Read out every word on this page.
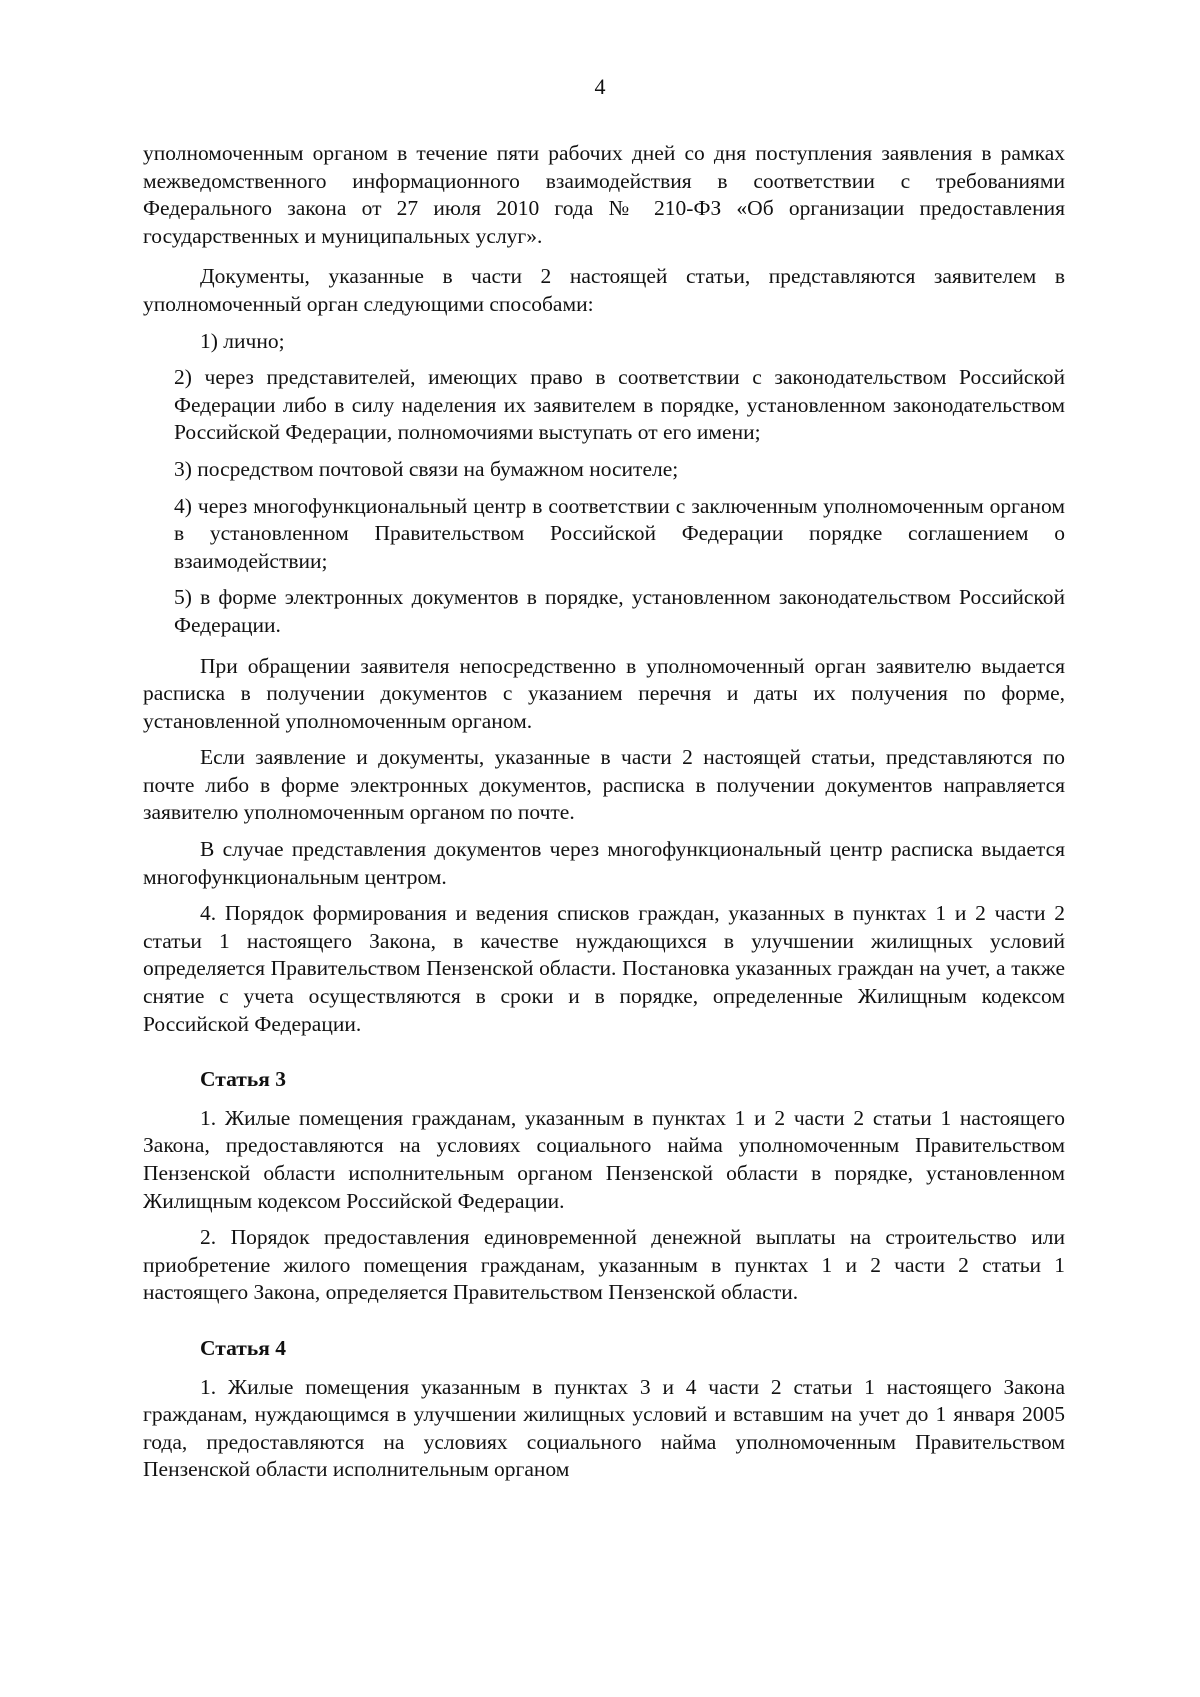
4

уполномоченным органом в течение пяти рабочих дней со дня поступления заявления в рамках межведомственного информационного взаимодействия в соответствии с требованиями Федерального закона от 27 июля 2010 года № 210-ФЗ «Об организации предоставления государственных и муниципальных услуг».

Документы, указанные в части 2 настоящей статьи, представляются заявителем в уполномоченный орган следующими способами:

1) лично;

2) через представителей, имеющих право в соответствии с законодательством Российской Федерации либо в силу наделения их заявителем в порядке, установленном законодательством Российской Федерации, полномочиями выступать от его имени;

3) посредством почтовой связи на бумажном носителе;

4) через многофункциональный центр в соответствии с заключенным уполномоченным органом в установленном Правительством Российской Федерации порядке соглашением о взаимодействии;

5) в форме электронных документов в порядке, установленном законодательством Российской Федерации.

При обращении заявителя непосредственно в уполномоченный орган заявителю выдается расписка в получении документов с указанием перечня и даты их получения по форме, установленной уполномоченным органом.

Если заявление и документы, указанные в части 2 настоящей статьи, представляются по почте либо в форме электронных документов, расписка в получении документов направляется заявителю уполномоченным органом по почте.

В случае представления документов через многофункциональный центр расписка выдается многофункциональным центром.

4. Порядок формирования и ведения списков граждан, указанных в пунктах 1 и 2 части 2 статьи 1 настоящего Закона, в качестве нуждающихся в улучшении жилищных условий определяется Правительством Пензенской области. Постановка указанных граждан на учет, а также снятие с учета осуществляются в сроки и в порядке, определенные Жилищным кодексом Российской Федерации.

Статья 3

1. Жилые помещения гражданам, указанным в пунктах 1 и 2 части 2 статьи 1 настоящего Закона, предоставляются на условиях социального найма уполномоченным Правительством Пензенской области исполнительным органом Пензенской области в порядке, установленном Жилищным кодексом Российской Федерации.

2. Порядок предоставления единовременной денежной выплаты на строительство или приобретение жилого помещения гражданам, указанным в пунктах 1 и 2 части 2 статьи 1 настоящего Закона, определяется Правительством Пензенской области.

Статья 4

1. Жилые помещения указанным в пунктах 3 и 4 части 2 статьи 1 настоящего Закона гражданам, нуждающимся в улучшении жилищных условий и вставшим на учет до 1 января 2005 года, предоставляются на условиях социального найма уполномоченным Правительством Пензенской области исполнительным органом
